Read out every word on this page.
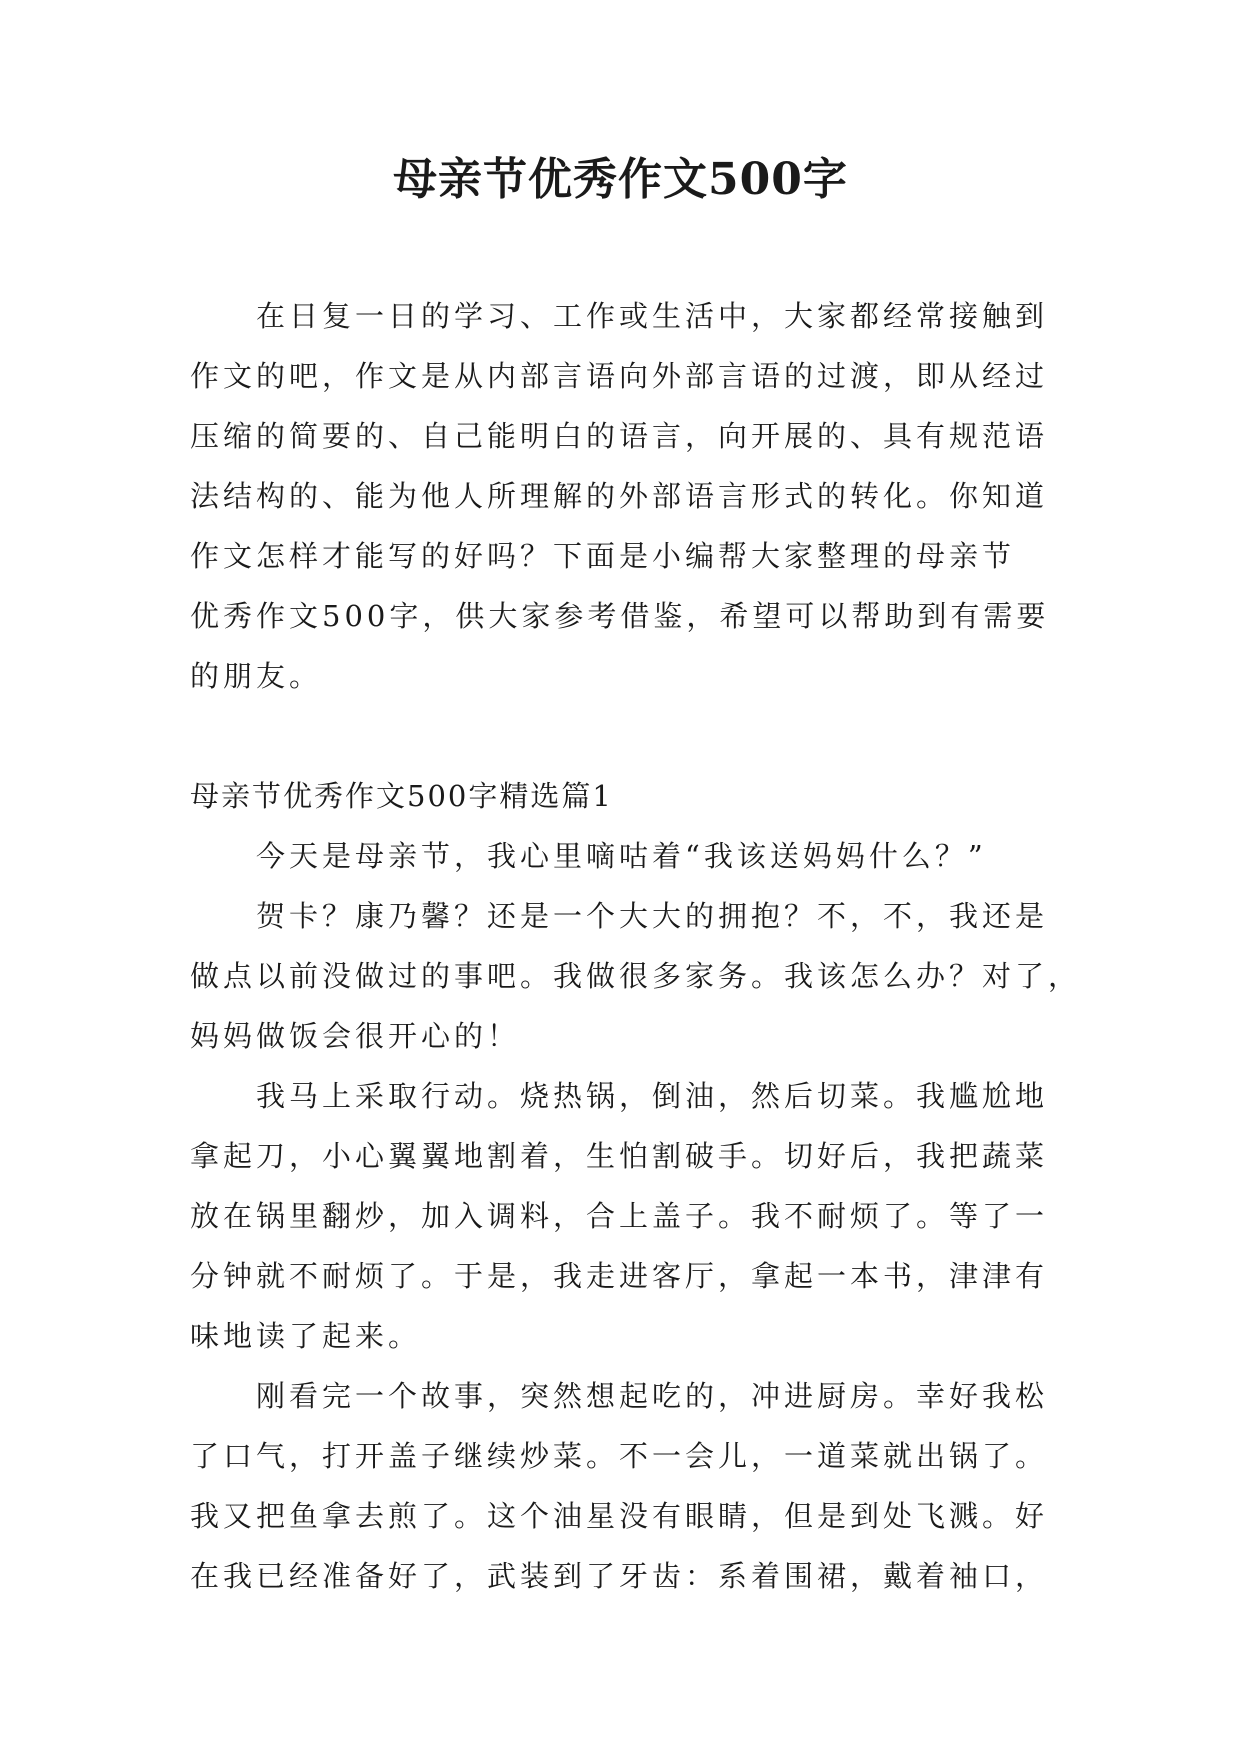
母亲节优秀作文500字

在日复一日的学习、工作或生活中，大家都经常接触到
作文的吧，作文是从内部言语向外部言语的过渡，即从经过
压缩的简要的、自己能明白的语言，向开展的、具有规范语
法结构的、能为他人所理解的外部语言形式的转化。你知道
作文怎样才能写的好吗？下面是小编帮大家整理的母亲节
优秀作文500字，供大家参考借鉴，希望可以帮助到有需要
的朋友。

母亲节优秀作文500字精选篇1

今天是母亲节，我心里嘀咕着“我该送妈妈什么？”

贺卡？康乃馨？还是一个大大的拥抱？不，不，我还是
做点以前没做过的事吧。我做很多家务。我该怎么办？对了，
妈妈做饭会很开心的！

我马上采取行动。烧热锅，倒油，然后切菜。我尴尬地
拿起刀，小心翼翼地割着，生怕割破手。切好后，我把蔬菜
放在锅里翻炒，加入调料，合上盖子。我不耐烦了。等了一
分钟就不耐烦了。于是，我走进客厅，拿起一本书，津津有
味地读了起来。

刚看完一个故事，突然想起吃的，冲进厨房。幸好我松
了口气，打开盖子继续炒菜。不一会儿，一道菜就出锅了。
我又把鱼拿去煎了。这个油星没有眼睛，但是到处飞溅。好
在我已经准备好了，武装到了牙齿：系着围裙，戴着袖口，
